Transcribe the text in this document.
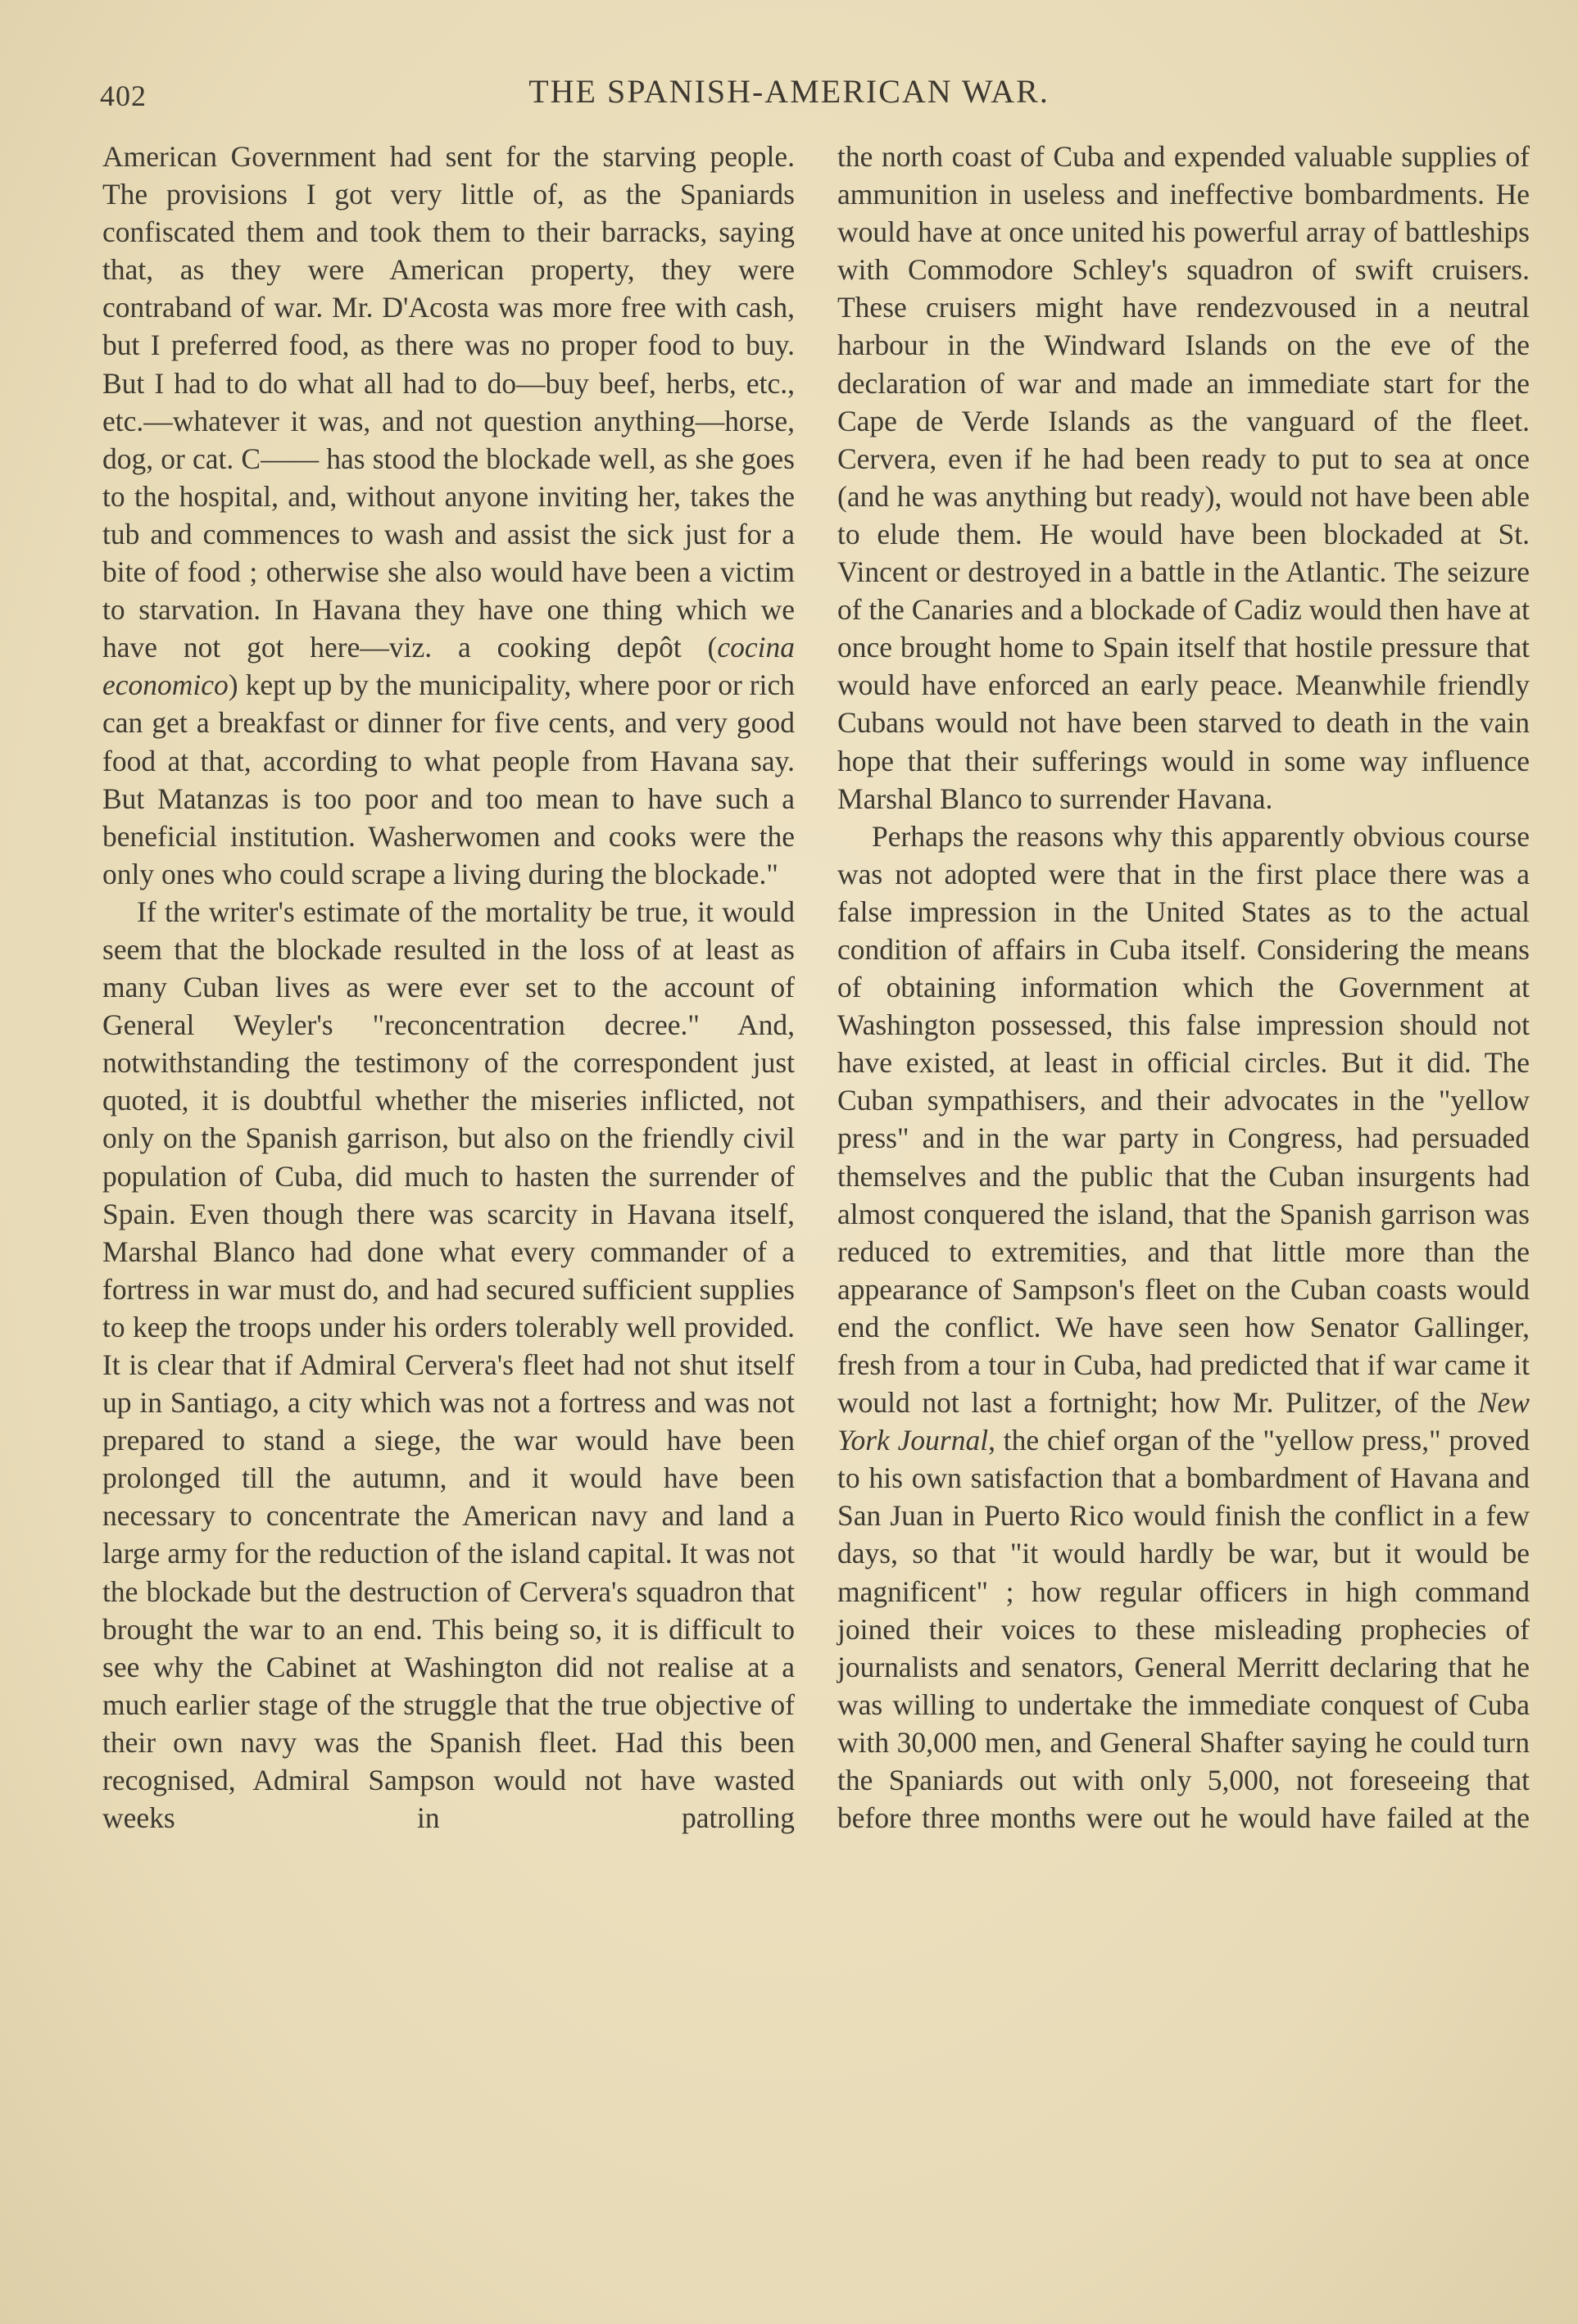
402	THE SPANISH-AMERICAN WAR.

American Government had sent for the starving people. The provisions I got very little of, as the Spaniards confiscated them and took them to their barracks, saying that, as they were American property, they were contraband of war. Mr. D'Acosta was more free with cash, but I preferred food, as there was no proper food to buy. But I had to do what all had to do—buy beef, herbs, etc., etc.—whatever it was, and not question anything—horse, dog, or cat. C—— has stood the blockade well, as she goes to the hospital, and, without anyone inviting her, takes the tub and commences to wash and assist the sick just for a bite of food ; otherwise she also would have been a victim to starvation. In Havana they have one thing which we have not got here—viz. a cooking depôt (cocina economico) kept up by the municipality, where poor or rich can get a breakfast or dinner for five cents, and very good food at that, according to what people from Havana say. But Matanzas is too poor and too mean to have such a beneficial institution. Washerwomen and cooks were the only ones who could scrape a living during the blockade."

If the writer's estimate of the mortality be true, it would seem that the blockade resulted in the loss of at least as many Cuban lives as were ever set to the account of General Weyler's "reconcentration decree." And, notwithstanding the testimony of the correspondent just quoted, it is doubtful whether the miseries inflicted, not only on the Spanish garrison, but also on the friendly civil population of Cuba, did much to hasten the surrender of Spain. Even though there was scarcity in Havana itself, Marshal Blanco had done what every commander of a fortress in war must do, and had secured sufficient supplies to keep the troops under his orders tolerably well provided. It is clear that if Admiral Cervera's fleet had not shut itself up in Santiago, a city which was not a fortress and was not prepared to stand a siege, the war would have been prolonged till the autumn, and it would have been necessary to concentrate the American navy and land a large army for the reduction of the island capital. It was not the blockade but the destruction of Cervera's squadron that brought the war to an end. This being so, it is difficult to see why the Cabinet at Washington did not realise at a much earlier stage of the struggle that the true objective of their own navy was the Spanish fleet. Had this been recognised, Admiral Sampson would not have wasted weeks in patrolling

the north coast of Cuba and expended valuable supplies of ammunition in useless and ineffective bombardments. He would have at once united his powerful array of battleships with Commodore Schley's squadron of swift cruisers. These cruisers might have rendezvoused in a neutral harbour in the Windward Islands on the eve of the declaration of war and made an immediate start for the Cape de Verde Islands as the vanguard of the fleet. Cervera, even if he had been ready to put to sea at once (and he was anything but ready), would not have been able to elude them. He would have been blockaded at St. Vincent or destroyed in a battle in the Atlantic. The seizure of the Canaries and a blockade of Cadiz would then have at once brought home to Spain itself that hostile pressure that would have enforced an early peace. Meanwhile friendly Cubans would not have been starved to death in the vain hope that their sufferings would in some way influence Marshal Blanco to surrender Havana.

Perhaps the reasons why this apparently obvious course was not adopted were that in the first place there was a false impression in the United States as to the actual condition of affairs in Cuba itself. Considering the means of obtaining information which the Government at Washington possessed, this false impression should not have existed, at least in official circles. But it did. The Cuban sympathisers, and their advocates in the "yellow press" and in the war party in Congress, had persuaded themselves and the public that the Cuban insurgents had almost conquered the island, that the Spanish garrison was reduced to extremities, and that little more than the appearance of Sampson's fleet on the Cuban coasts would end the conflict. We have seen how Senator Gallinger, fresh from a tour in Cuba, had predicted that if war came it would not last a fortnight; how Mr. Pulitzer, of the New York Journal, the chief organ of the "yellow press," proved to his own satisfaction that a bombardment of Havana and San Juan in Puerto Rico would finish the conflict in a few days, so that "it would hardly be war, but it would be magnificent" ; how regular officers in high command joined their voices to these misleading prophecies of journalists and senators, General Merritt declaring that he was willing to undertake the immediate conquest of Cuba with 30,000 men, and General Shafter saying he could turn the Spaniards out with only 5,000, not foreseeing that before three months were out he would have failed at the
